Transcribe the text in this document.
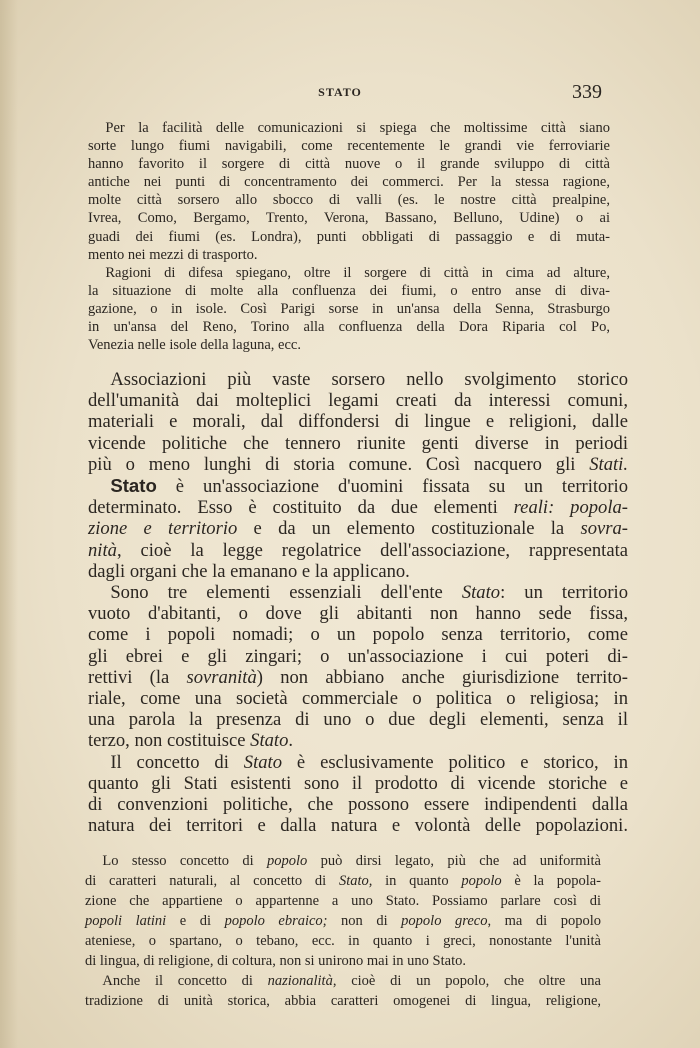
STATO	339
Per la facilità delle comunicazioni si spiega che moltissime città siano
sorte lungo fiumi navigabili, come recentemente le grandi vie ferroviarie
hanno favorito il sorgere di città nuove o il grande sviluppo di città
antiche nei punti di concentramento dei commerci. Per la stessa ragione,
molte città sorsero allo sbocco di valli (es. le nostre città prealpine,
Ivrea, Como, Bergamo, Trento, Verona, Bassano, Belluno, Udine) o ai
guadi dei fiumi (es. Londra), punti obbligati di passaggio e di muta-
mento nei mezzi di trasporto.
Ragioni di difesa spiegano, oltre il sorgere di città in cima ad alture,
la situazione di molte alla confluenza dei fiumi, o entro anse di diva-
gazione, o in isole. Così Parigi sorse in un'ansa della Senna, Strasburgo
in un'ansa del Reno, Torino alla confluenza della Dora Riparia col Po,
Venezia nelle isole della laguna, ecc.
Associazioni più vaste sorsero nello svolgimento storico
dell'umanità dai molteplici legami creati da interessi comuni,
materiali e morali, dal diffondersi di lingue e religioni, dalle
vicende politiche che tennero riunite genti diverse in periodi
più o meno lunghi di storia comune. Così nacquero gli Stati.
Stato è un'associazione d'uomini fissata su un territorio
determinato. Esso è costituito da due elementi reali: popola-
zione e territorio e da un elemento costituzionale la sovra-
nità, cioè la legge regolatrice dell'associazione, rappresentata
dagli organi che la emanano e la applicano.
Sono tre elementi essenziali dell'ente Stato: un territorio
vuoto d'abitanti, o dove gli abitanti non hanno sede fissa,
come i popoli nomadi; o un popolo senza territorio, come
gli ebrei e gli zingari; o un'associazione i cui poteri di-
rettivi (la sovranità) non abbiano anche giurisdizione territo-
riale, come una società commerciale o politica o religiosa; in
una parola la presenza di uno o due degli elementi, senza il
terzo, non costituisce Stato.
Il concetto di Stato è esclusivamente politico e storico, in
quanto gli Stati esistenti sono il prodotto di vicende storiche e
di convenzioni politiche, che possono essere indipendenti dalla
natura dei territori e dalla natura e volontà delle popolazioni.
Lo stesso concetto di popolo può dirsi legato, più che ad uniformità
di caratteri naturali, al concetto di Stato, in quanto popolo è la popola-
zione che appartiene o appartenne a uno Stato. Possiamo parlare così di
popoli latini e di popolo ebraico; non di popolo greco, ma di popolo
ateniese, o spartano, o tebano, ecc. in quanto i greci, nonostante l'unità
di lingua, di religione, di coltura, non si unirono mai in uno Stato.
Anche il concetto di nazionalità, cioè di un popolo, che oltre una
tradizione di unità storica, abbia caratteri omogenei di lingua, religione,
